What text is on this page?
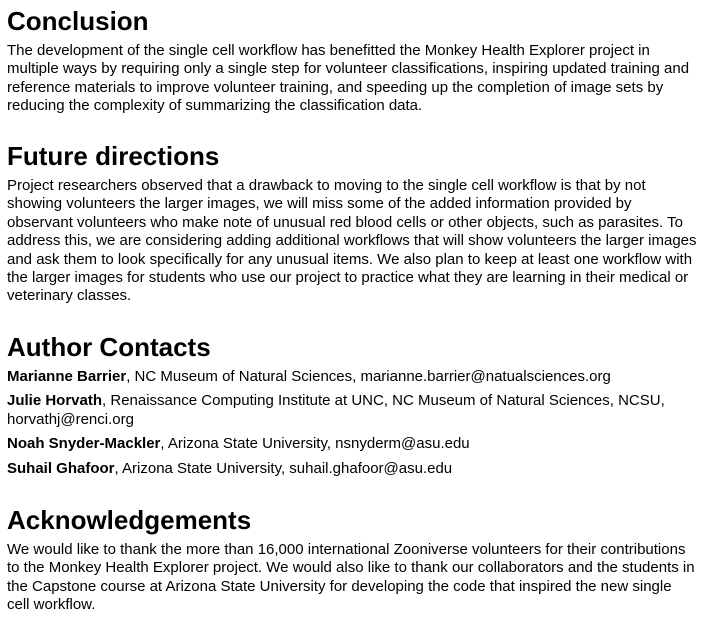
Conclusion

The development of the single cell workflow has benefitted the Monkey Health Explorer project in multiple ways by requiring only a single step for volunteer classifications, inspiring updated training and reference materials to improve volunteer training, and speeding up the completion of image sets by reducing the complexity of summarizing the classification data.

Future directions

Project researchers observed that a drawback to moving to the single cell workflow is that by not showing volunteers the larger images, we will miss some of the added information provided by observant volunteers who make note of unusual red blood cells or other objects, such as parasites. To address this, we are considering adding additional workflows that will show volunteers the larger images and ask them to look specifically for any unusual items. We also plan to keep at least one workflow with the larger images for students who use our project to practice what they are learning in their medical or veterinary classes.

Author Contacts
Marianne Barrier, NC Museum of Natural Sciences, marianne.barrier@natualsciences.org
Julie Horvath, Renaissance Computing Institute at UNC, NC Museum of Natural Sciences, NCSU, horvathj@renci.org
Noah Snyder-Mackler, Arizona State University, nsnyderm@asu.edu
Suhail Ghafoor, Arizona State University, suhail.ghafoor@asu.edu
Acknowledgements

We would like to thank the more than 16,000 international Zooniverse volunteers for their contributions to the Monkey Health Explorer project. We would also like to thank our collaborators and the students in the Capstone course at Arizona State University for developing the code that inspired the new single cell workflow.
